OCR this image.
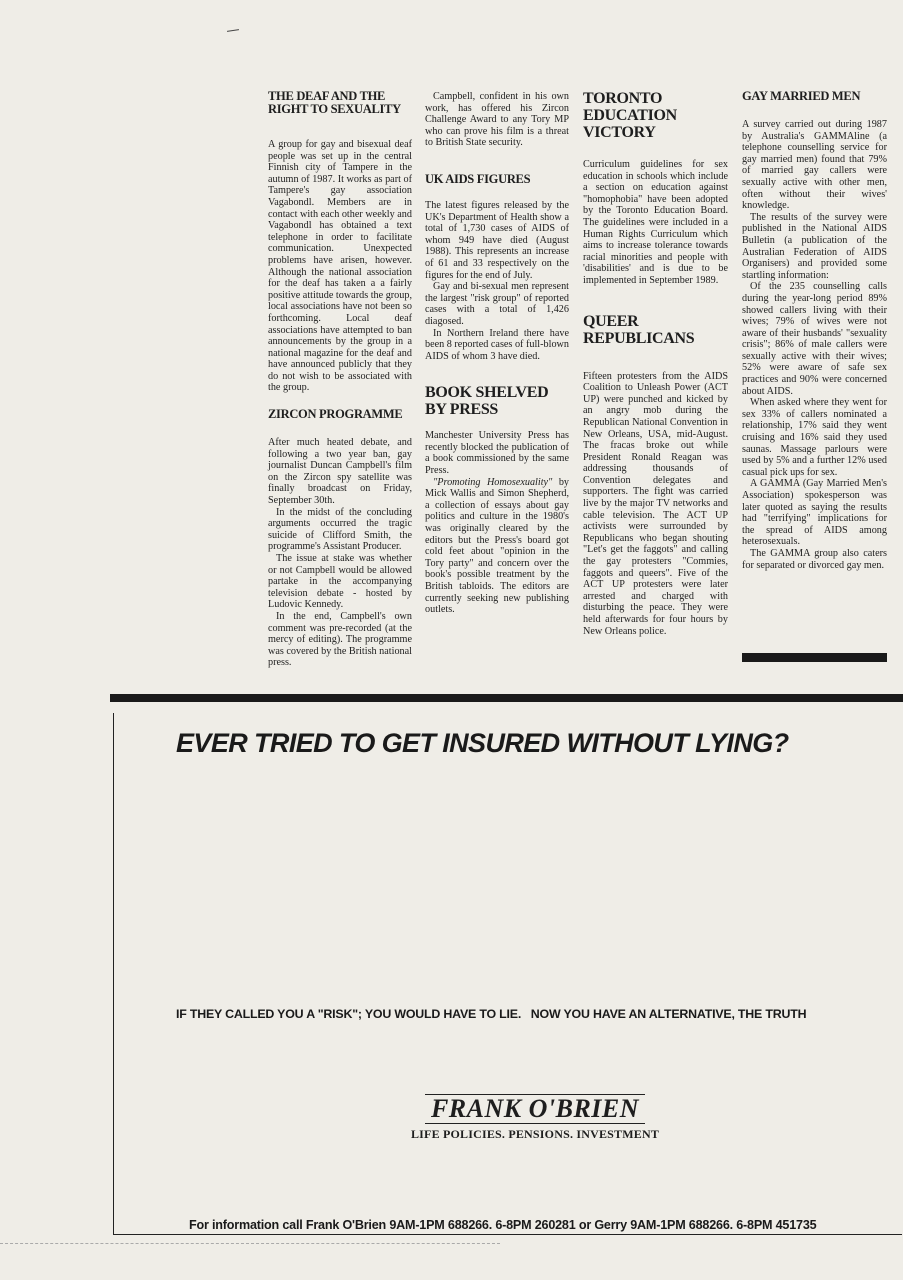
THE DEAF AND THE RIGHT TO SEXUALITY

A group for gay and bisexual deaf people was set up in the central Finnish city of Tampere in the autumn of 1987. It works as part of Tampere's gay association Vagabondl. Members are in contact with each other weekly and Vagabondl has obtained a text telephone in order to facilitate communication. Unexpected problems have arisen, however. Although the national association for the deaf has taken a a fairly positive attitude towards the group, local associations have not been so forthcoming. Local deaf associations have attempted to ban announcements by the group in a national magazine for the deaf and have announced publicly that they do not wish to be associated with the group.

ZIRCON PROGRAMME

After much heated debate, and following a two year ban, gay journalist Duncan Campbell's film on the Zircon spy satellite was finally broadcast on Friday, September 30th.

In the midst of the concluding arguments occurred the tragic suicide of Clifford Smith, the programme's Assistant Producer.

The issue at stake was whether or not Campbell would be allowed partake in the accompanying television debate - hosted by Ludovic Kennedy.

In the end, Campbell's own comment was pre-recorded (at the mercy of editing). The programme was covered by the British national press.

Campbell, confident in his own work, has offered his Zircon Challenge Award to any Tory MP who can prove his film is a threat to British State security.

UK AIDS FIGURES

The latest figures released by the UK's Department of Health show a total of 1,730 cases of AIDS of whom 949 have died (August 1988). This represents an increase of 61 and 33 respectively on the figures for the end of July.

Gay and bi-sexual men represent the largest "risk group" of reported cases with a total of 1,426 diagosed.

In Northern Ireland there have been 8 reported cases of full-blown AIDS of whom 3 have died.

BOOK SHELVED BY PRESS

Manchester University Press has recently blocked the publication of a book commissioned by the same Press.

"Promoting Homosexuality" by Mick Wallis and Simon Shepherd, a collection of essays about gay politics and culture in the 1980's was originally cleared by the editors but the Press's board got cold feet about "opinion in the Tory party" and concern over the book's possible treatment by the British tabloids. The editors are currently seeking new publishing outlets.

TORONTO EDUCATION VICTORY

Curriculum guidelines for sex education in schools which include a section on education against "homophobia" have been adopted by the Toronto Education Board. The guidelines were included in a Human Rights Curriculum which aims to increase tolerance towards racial minorities and people with 'disabilities' and is due to be implemented in September 1989.

QUEER REPUBLICANS

Fifteen protesters from the AIDS Coalition to Unleash Power (ACT UP) were punched and kicked by an angry mob during the Republican National Convention in New Orleans, USA, mid-August. The fracas broke out while President Ronald Reagan was addressing thousands of Convention delegates and supporters. The fight was carried live by the major TV networks and cable television. The ACT UP activists were surrounded by Republicans who began shouting "Let's get the faggots" and calling the gay protesters "Commies, faggots and queers". Five of the ACT UP protesters were later arrested and charged with disturbing the peace. They were held afterwards for four hours by New Orleans police.

GAY MARRIED MEN

A survey carried out during 1987 by Australia's GAMMAline (a telephone counselling service for gay married men) found that 79% of married gay callers were sexually active with other men, often without their wives' knowledge.

The results of the survey were published in the National AIDS Bulletin (a publication of the Australian Federation of AIDS Organisers) and provided some startling information:

Of the 235 counselling calls during the year-long period 89% showed callers living with their wives; 79% of wives were not aware of their husbands' "sexuality crisis"; 86% of male callers were sexually active with their wives; 52% were aware of safe sex practices and 90% were concerned about AIDS.

When asked where they went for sex 33% of callers nominated a relationship, 17% said they went cruising and 16% said they used saunas. Massage parlours were used by 5% and a further 12% used casual pick ups for sex.

A GAMMA (Gay Married Men's Association) spokesperson was later quoted as saying the results had "terrifying" implications for the spread of AIDS among heterosexuals.

The GAMMA group also caters for separated or divorced gay men.

EVER TRIED TO GET INSURED WITHOUT LYING?
IF THEY CALLED YOU A "RISK"; YOU WOULD HAVE TO LIE.   NOW YOU HAVE AN ALTERNATIVE, THE TRUTH
FRANK O'BRIEN
LIFE POLICIES. PENSIONS. INVESTMENT
For information call Frank O'Brien 9AM-1PM 688266. 6-8PM 260281 or Gerry 9AM-1PM 688266. 6-8PM 451735
